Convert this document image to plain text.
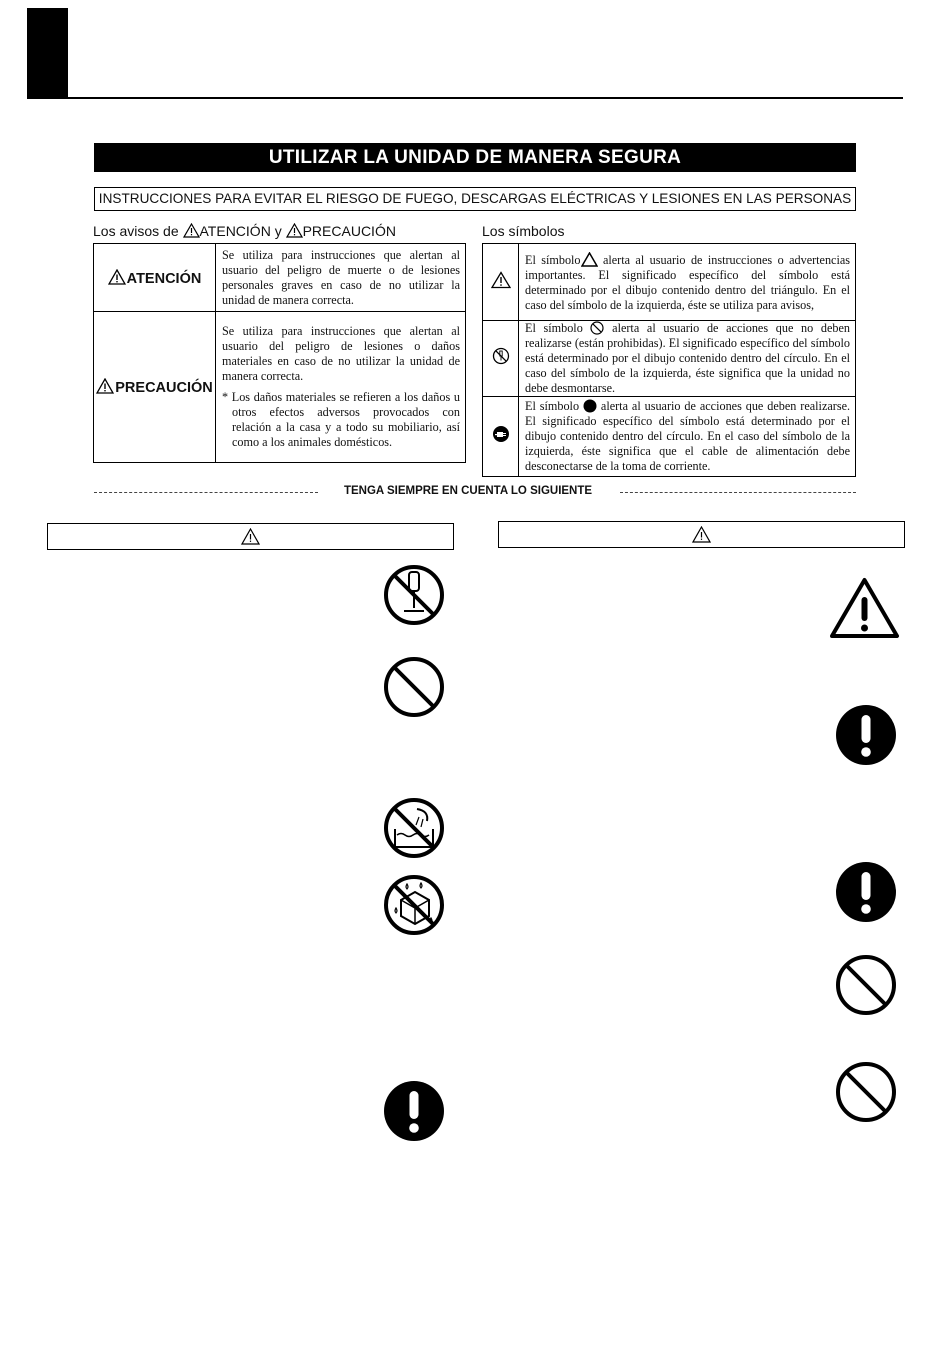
UTILIZAR LA UNIDAD DE MANERA SEGURA
INSTRUCCIONES PARA EVITAR EL RIESGO DE FUEGO, DESCARGAS ELÉCTRICAS Y LESIONES EN LAS PERSONAS
Los avisos de ATENCIÓN y PRECAUCIÓN	Los símbolos
ATENCIÓN	Se utiliza para instrucciones que alertan al usuario del peligro de muerte o de lesiones personales graves en caso de no utilizar la unidad de manera correcta.

PRECAUCIÓN	Se utiliza para instrucciones que alertan al usuario del peligro de lesiones o daños materiales en caso de no utilizar la unidad de manera correcta.

* Los daños materiales se refieren a los daños u otros efectos adversos provocados con relación a la casa y a todo su mobiliario, así como a los animales domésticos.

El símbolo alerta al usuario de instrucciones o advertencias importantes. El significado específico del símbolo está determinado por el dibujo contenido dentro del triángulo. En el caso del símbolo de la izquierda, éste se utiliza para avisos,

El símbolo alerta al usuario de acciones que no deben realizarse (están prohibidas). El significado específico del símbolo está determinado por el dibujo contenido dentro del círculo. En el caso del símbolo de la izquierda, éste significa que la unidad no debe desmontarse.

El símbolo alerta al usuario de acciones que deben realizarse. El significado específico del símbolo está determinado por el dibujo contenido dentro del círculo. En el caso del símbolo de la izquierda, éste significa que el cable de alimentación debe desconectarse de la toma de corriente.

TENGA SIEMPRE EN CUENTA LO SIGUIENTE
